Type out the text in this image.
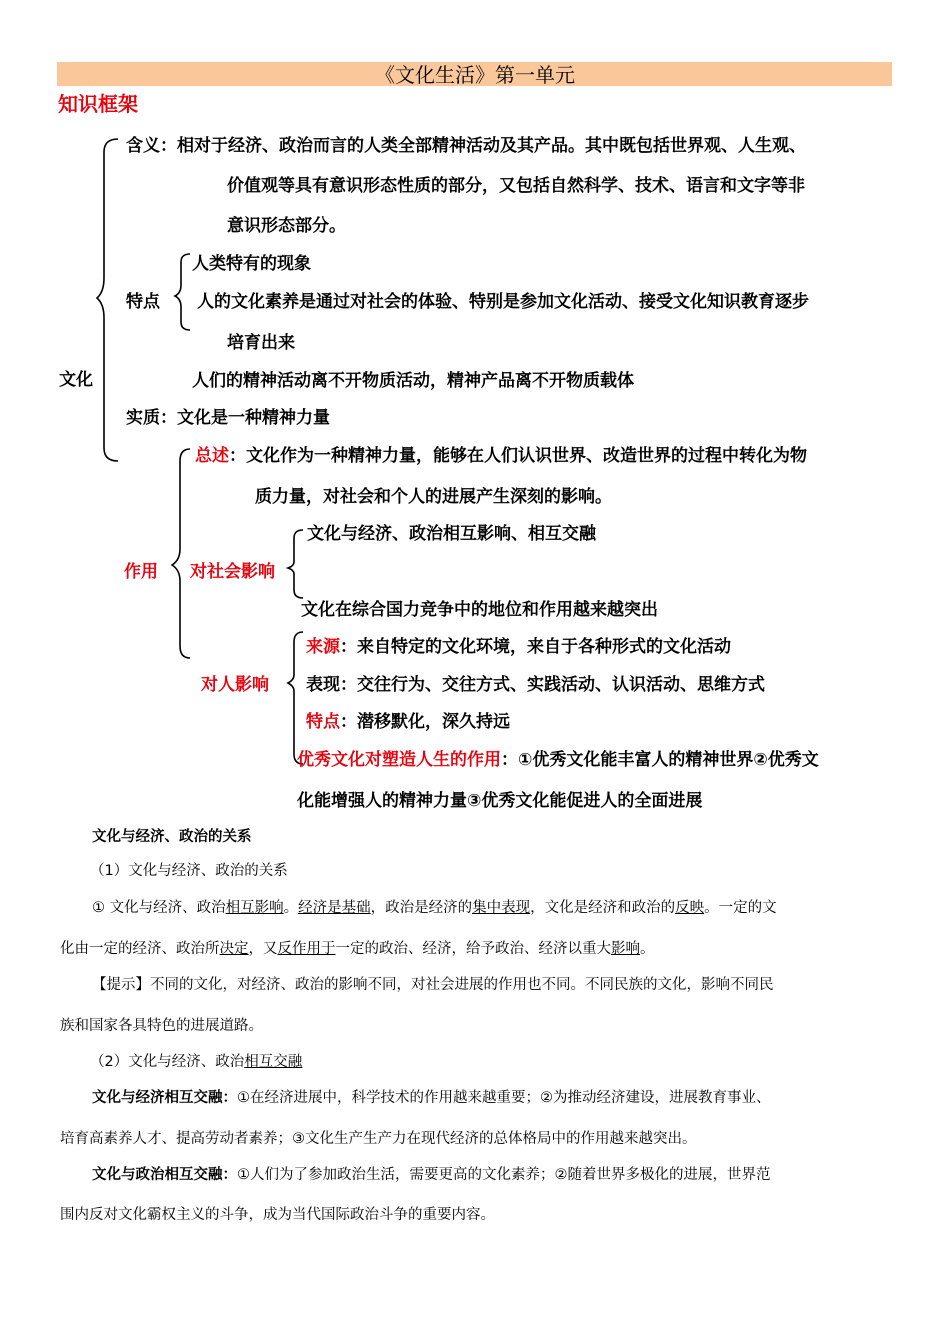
《文化生活》第一单元
知识框架
文化
含义：相对于经济、政治而言的人类全部精神活动及其产品。其中既包括世界观、人生观、
价值观等具有意识形态性质的部分，又包括自然科学、技术、语言和文字等非
意识形态部分。
特点
人类特有的现象
人的文化素养是通过对社会的体验、特别是参加文化活动、接受文化知识教育逐步
培育出来
人们的精神活动离不开物质活动，精神产品离不开物质载体
实质：文化是一种精神力量
作用
总述：文化作为一种精神力量，能够在人们认识世界、改造世界的过程中转化为物
质力量，对社会和个人的进展产生深刻的影响。
对社会影响
文化与经济、政治相互影响、相互交融
文化在综合国力竞争中的地位和作用越来越突出
对人影响
来源：来自特定的文化环境，来自于各种形式的文化活动
表现：交往行为、交往方式、实践活动、认识活动、思维方式
特点：潜移默化，深久持远
优秀文化对塑造人生的作用：①优秀文化能丰富人的精神世界②优秀文
化能增强人的精神力量③优秀文化能促进人的全面进展
文化与经济、政治的关系
（1）文化与经济、政治的关系
① 文化与经济、政治相互影响。经济是基础，政治是经济的集中表现，文化是经济和政治的反映。一定的文
化由一定的经济、政治所决定，又反作用于一定的政治、经济，给予政治、经济以重大影响。
【提示】不同的文化，对经济、政治的影响不同，对社会进展的作用也不同。不同民族的文化，影响不同民
族和国家各具特色的进展道路。
（2）文化与经济、政治相互交融
文化与经济相互交融：①在经济进展中，科学技术的作用越来越重要；②为推动经济建设，进展教育事业、
培育高素养人才、提高劳动者素养；③文化生产生产力在现代经济的总体格局中的作用越来越突出。
文化与政治相互交融：①人们为了参加政治生活，需要更高的文化素养；②随着世界多极化的进展，世界范
围内反对文化霸权主义的斗争，成为当代国际政治斗争的重要内容。
